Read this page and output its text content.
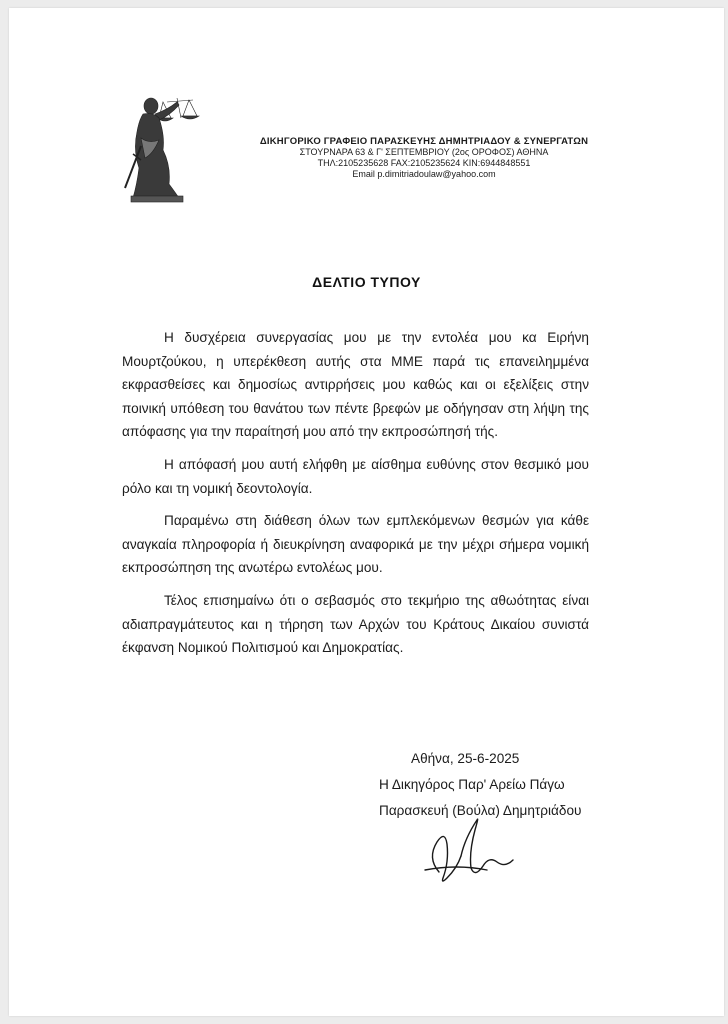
ΔΙΚΗΓΟΡΙΚΟ ΓΡΑΦΕΙΟ ΠΑΡΑΣΚΕΥΗΣ ΔΗΜΗΤΡΙΑΔΟΥ & ΣΥΝΕΡΓΑΤΩΝ
ΣΤΟΥΡΝΑΡΑ 63 & Γ' ΣΕΠΤΕΜΒΡΙΟΥ (2ος ΟΡΟΦΟΣ) ΑΘΗΝΑ
ΤΗΛ:2105235628 FAX:2105235624 ΚΙΝ:6944848551
Email p.dimitriadoulaw@yahoo.com
ΔΕΛΤΙΟ ΤΥΠΟΥ

Η δυσχέρεια συνεργασίας μου με την εντολέα μου κα Ειρήνη Μουρτζούκου, η υπερέκθεση αυτής στα ΜΜΕ παρά τις επανειλημμένα εκφρασθείσες και δημοσίως αντιρρήσεις μου καθώς και οι εξελίξεις στην ποινική υπόθεση του θανάτου των πέντε βρεφών με οδήγησαν στη λήψη της απόφασης για την παραίτησή μου από την εκπροσώπησή τής.

Η απόφασή μου αυτή ελήφθη με αίσθημα ευθύνης στον θεσμικό μου ρόλο και τη νομική δεοντολογία.

Παραμένω στη διάθεση όλων των εμπλεκόμενων θεσμών για κάθε αναγκαία πληροφορία ή διευκρίνηση αναφορικά με την μέχρι σήμερα νομική εκπροσώπηση της ανωτέρω εντολέως μου.

Τέλος επισημαίνω ότι ο σεβασμός στο τεκμήριο της αθωότητας είναι αδιαπραγμάτευτος και η τήρηση των Αρχών του Κράτους Δικαίου συνιστά έκφανση Νομικού Πολιτισμού και Δημοκρατίας.

Αθήνα, 25-6-2025
Η Δικηγόρος Παρ' Αρείω Πάγω
Παρασκευή (Βούλα) Δημητριάδου
